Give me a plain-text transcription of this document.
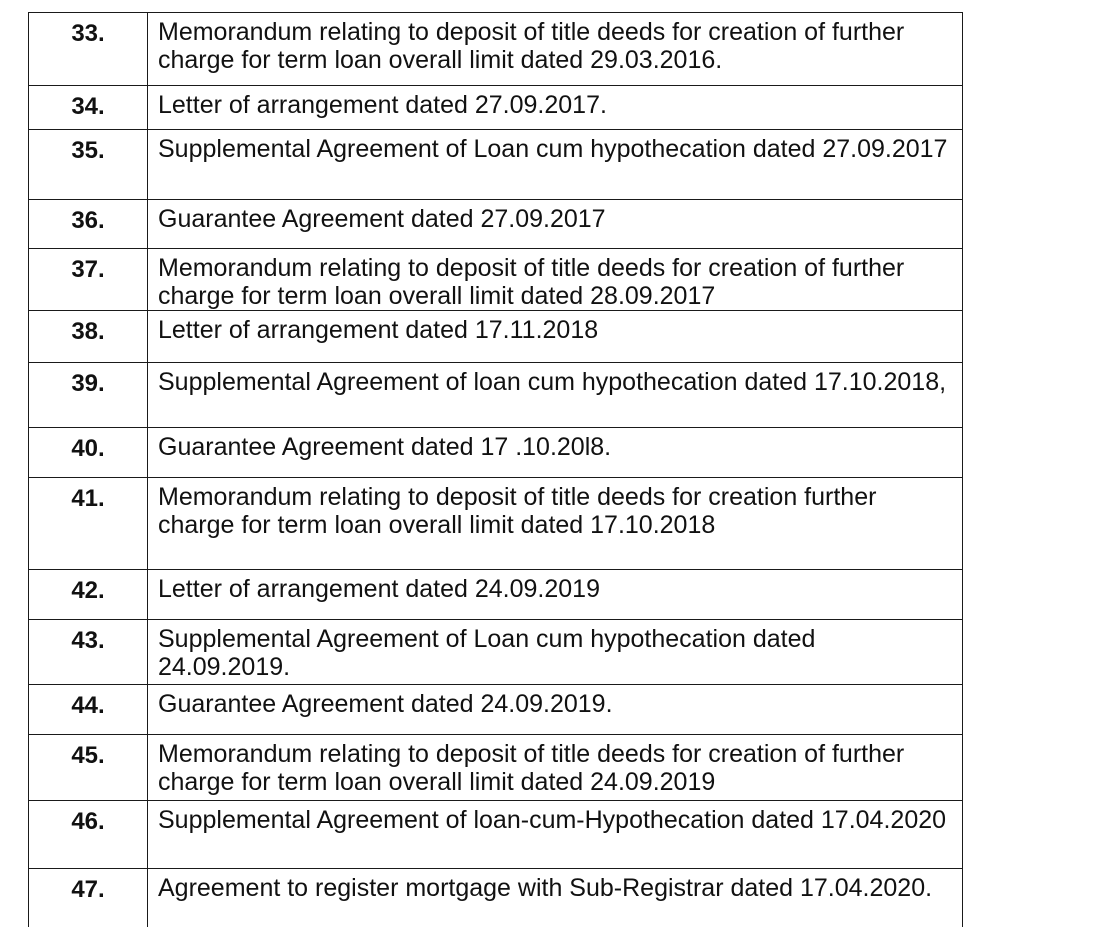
33.	Memorandum relating to deposit of title deeds for creation of further charge for term loan overall limit dated 29.03.2016.
34.	Letter of arrangement dated 27.09.2017.
35.	Supplemental Agreement of Loan cum hypothecation dated 27.09.2017
36.	Guarantee Agreement dated 27.09.2017
37.	Memorandum relating to deposit of title deeds for creation of further charge for term loan overall limit dated 28.09.2017
38.	Letter of arrangement dated 17.11.2018
39.	Supplemental Agreement of loan cum hypothecation dated 17.10.2018,
40.	Guarantee Agreement dated 17 .10.20l8.
41.	Memorandum relating to deposit of title deeds for creation further charge for term loan overall limit dated 17.10.2018
42.	Letter of arrangement dated 24.09.2019
43.	Supplemental Agreement of Loan cum hypothecation dated 24.09.2019.
44.	Guarantee Agreement dated 24.09.2019.
45.	Memorandum relating to deposit of title deeds for creation of further charge for term loan overall limit dated 24.09.2019
46.	Supplemental Agreement of loan-cum-Hypothecation dated 17.04.2020
47.	Agreement to register mortgage with Sub-Registrar dated 17.04.2020.
